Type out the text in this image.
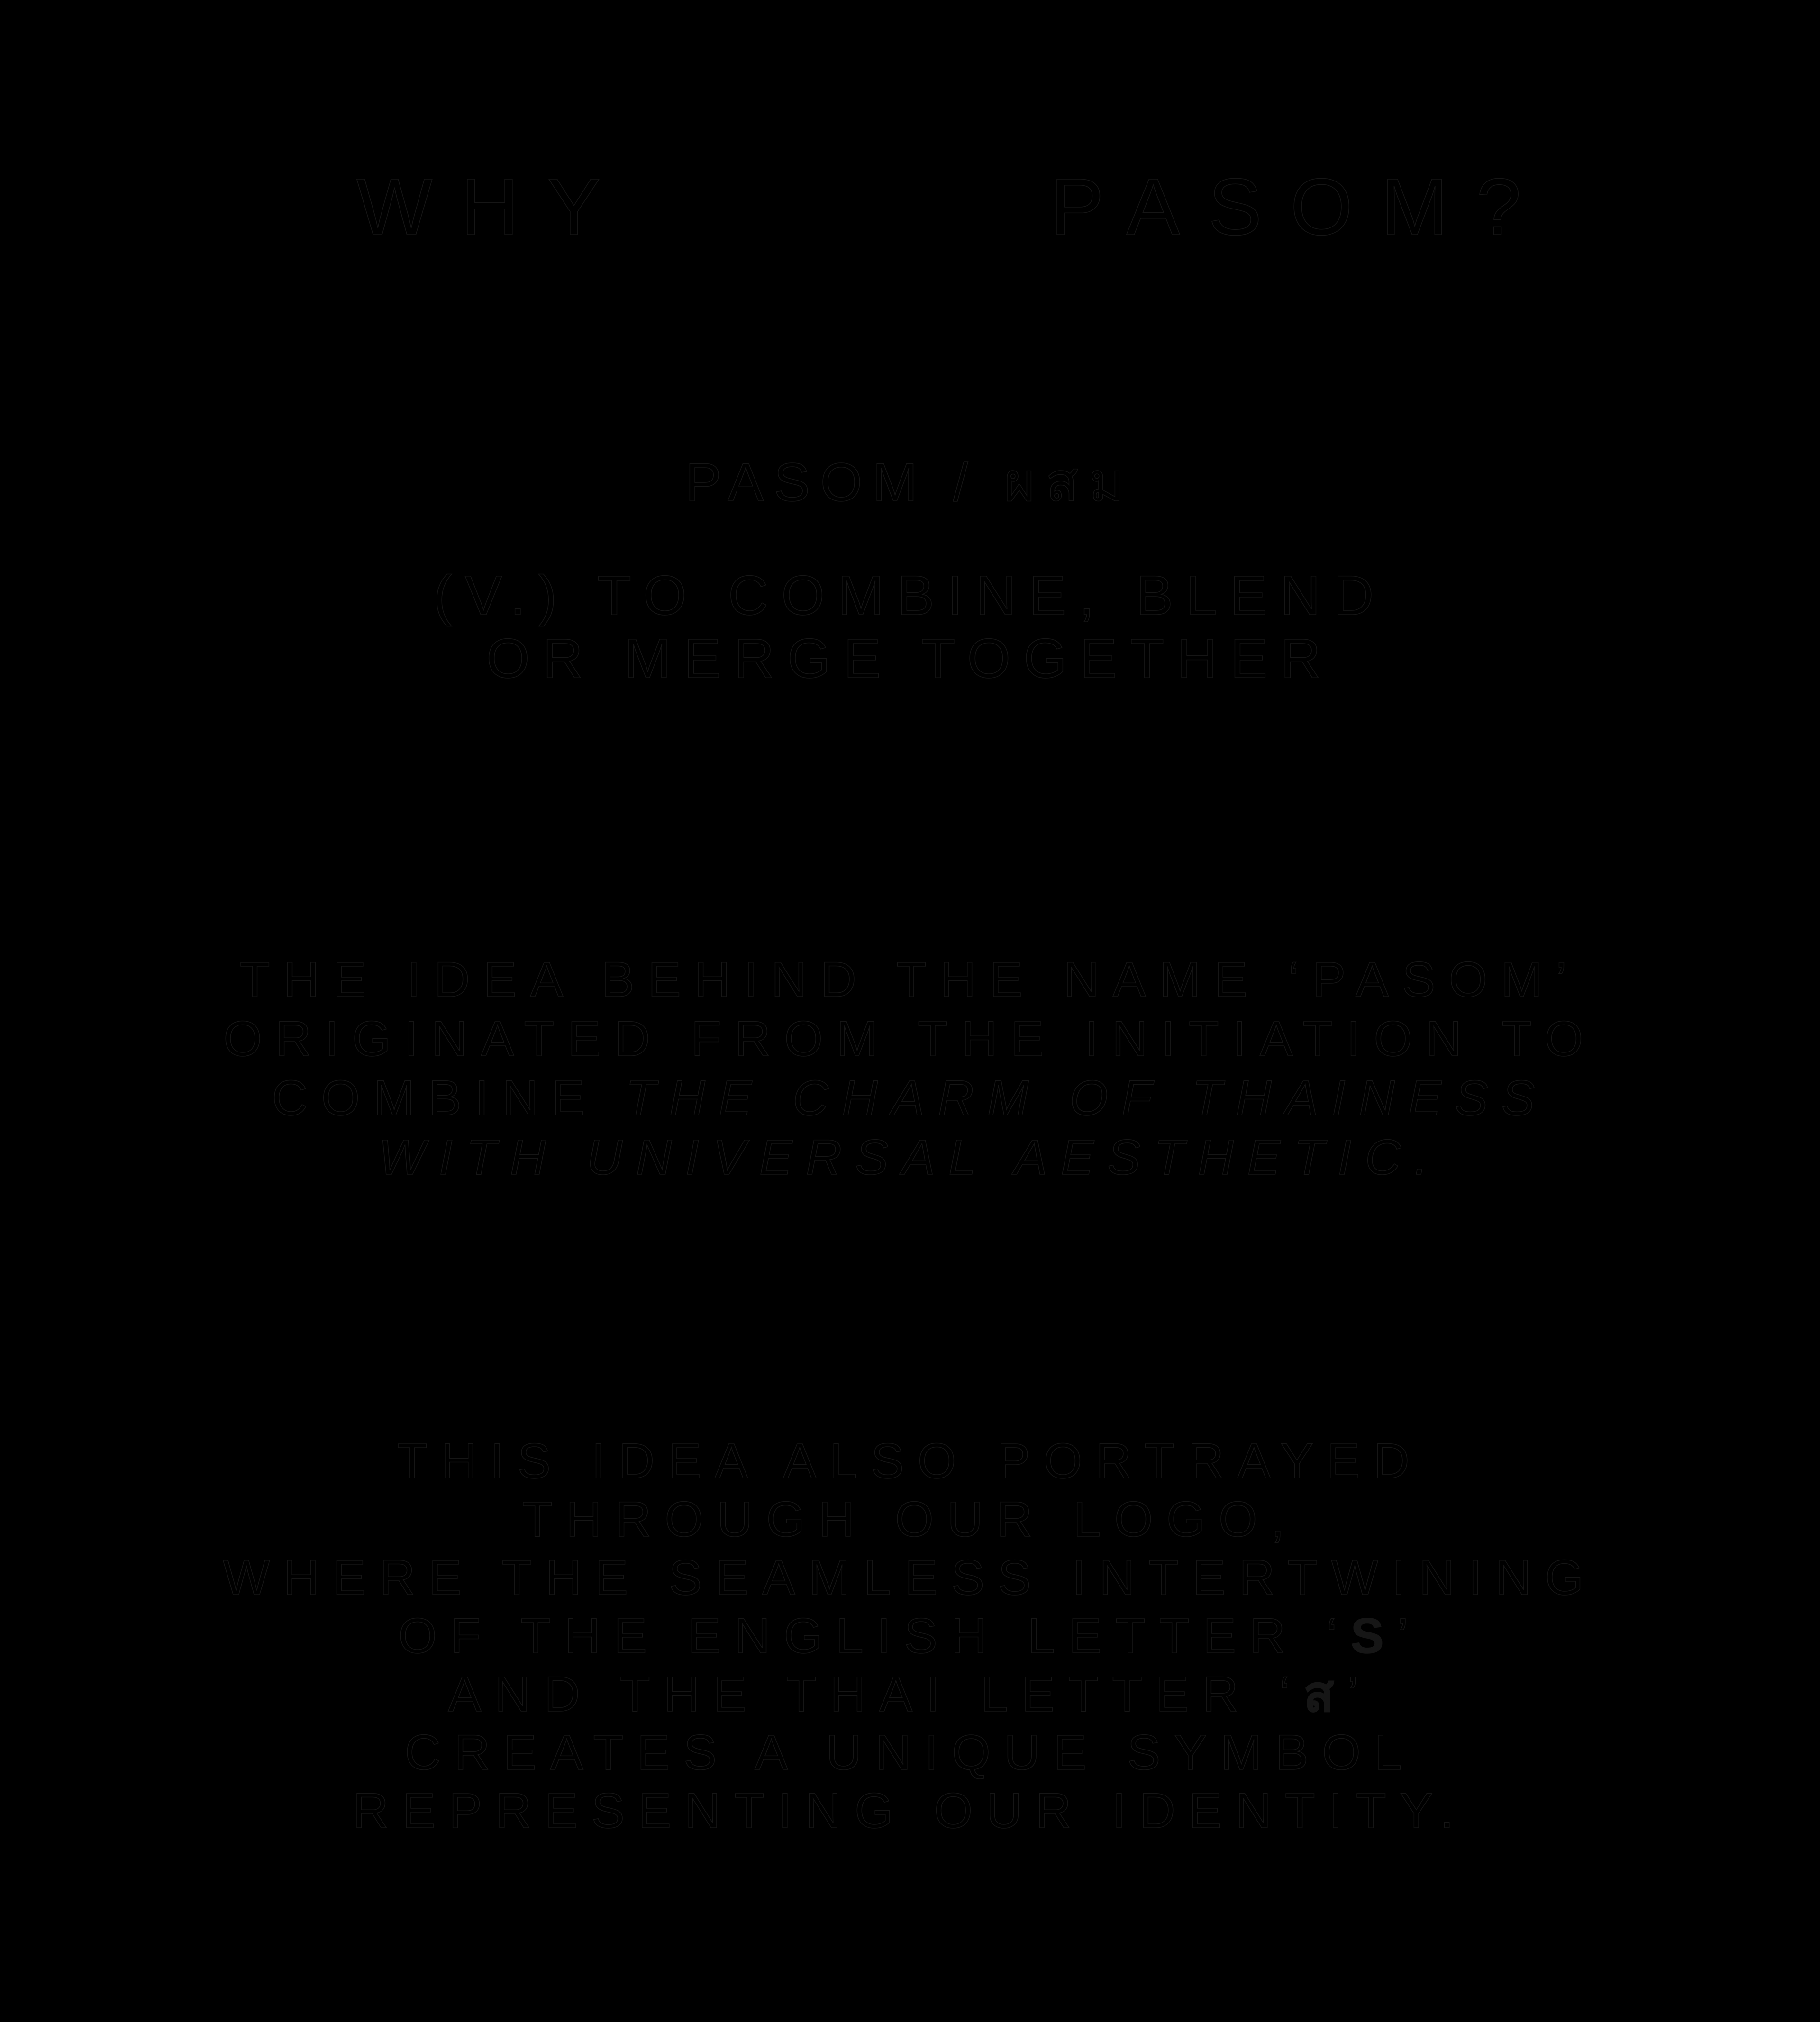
WHY	PASOM?

PASOM / ผสม

(V.) TO COMBINE, BLEND

OR MERGE TOGETHER

THE IDEA BEHIND THE NAME ‘PASOM’

ORIGINATED FROM THE INITIATION TO

COMBINE THE CHARM OF THAINESS

WITH UNIVERSAL AESTHETIC.

THIS IDEA ALSO PORTRAYED

THROUGH OUR LOGO,

WHERE THE SEAMLESS INTERTWINING

OF THE ENGLISH LETTER ‘S’

AND THE THAI LETTER ‘ส’

CREATES A UNIQUE SYMBOL

REPRESENTING OUR IDENTITY.
